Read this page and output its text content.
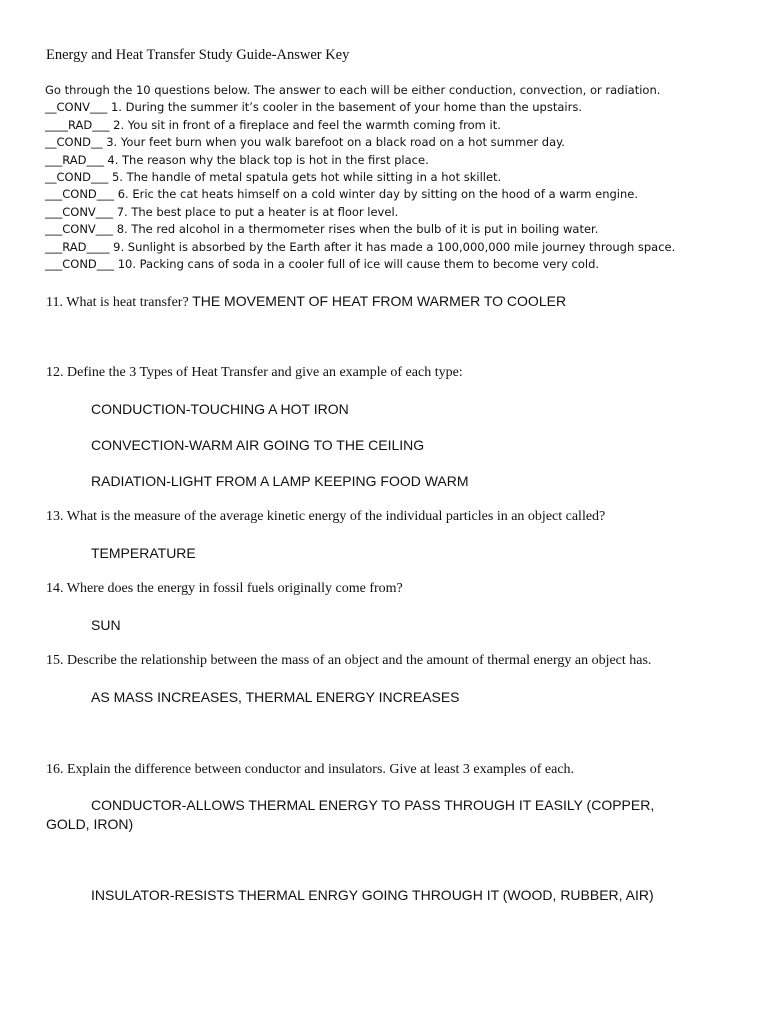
Energy and Heat Transfer Study Guide-Answer Key
Go through the 10 questions below. The answer to each will be either conduction, convection, or radiation.
__CONV___ 1. During the summer it’s cooler in the basement of your home than the upstairs.
____RAD___ 2. You sit in front of a fireplace and feel the warmth coming from it.
__COND__ 3. Your feet burn when you walk barefoot on a black road on a hot summer day.
___RAD___ 4. The reason why the black top is hot in the first place.
__COND___ 5. The handle of metal spatula gets hot while sitting in a hot skillet.
___COND___ 6. Eric the cat heats himself on a cold winter day by sitting on the hood of a warm engine.
___CONV___ 7. The best place to put a heater is at floor level.
___CONV___ 8. The red alcohol in a thermometer rises when the bulb of it is put in boiling water.
___RAD____ 9. Sunlight is absorbed by the Earth after it has made a 100,000,000 mile journey through space.
___COND___ 10. Packing cans of soda in a cooler full of ice will cause them to become very cold.
11. What is heat transfer? THE MOVEMENT OF HEAT FROM WARMER TO COOLER
12. Define the 3 Types of Heat Transfer and give an example of each type:
CONDUCTION-TOUCHING A HOT IRON
CONVECTION-WARM AIR GOING TO THE CEILING
RADIATION-LIGHT FROM A LAMP KEEPING FOOD WARM
13. What is the measure of the average kinetic energy of the individual particles in an object called?
TEMPERATURE
14. Where does the energy in fossil fuels originally come from?
SUN
15. Describe the relationship between the mass of an object and the amount of thermal energy an object has.
AS MASS INCREASES, THERMAL ENERGY INCREASES
16. Explain the difference between conductor and insulators. Give at least 3 examples of each.
CONDUCTOR-ALLOWS THERMAL ENERGY TO PASS THROUGH IT EASILY (COPPER,
GOLD, IRON)
INSULATOR-RESISTS THERMAL ENRGY GOING THROUGH IT (WOOD, RUBBER, AIR)
